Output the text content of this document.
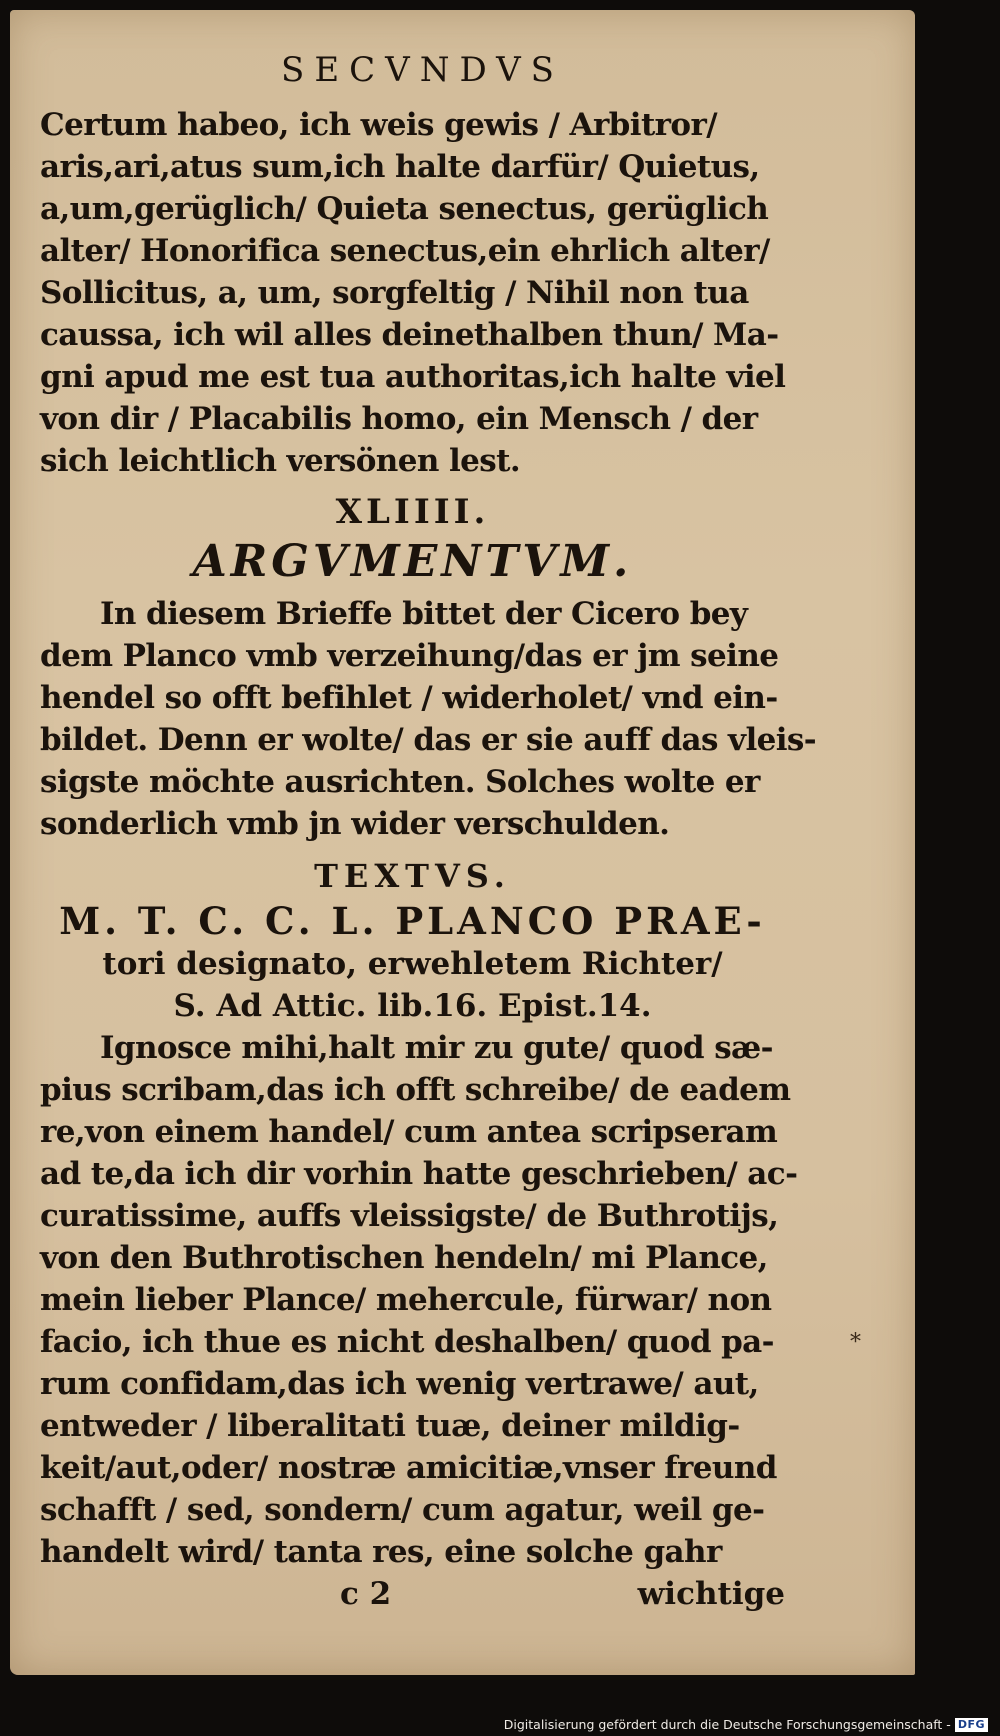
SECVNDVS

Certum habeo, ich weis gewis / Arbitror/

aris,ari,atus sum,ich halte darfür/ Quietus,

a,um,gerüglich/ Quieta senectus, gerüglich

alter/ Honorifica senectus,ein ehrlich alter/

Sollicitus, a, um, sorgfeltig / Nihil non tua

caussa, ich wil alles deinethalben thun/ Ma-

gni apud me est tua authoritas,ich halte viel

von dir / Placabilis homo, ein Mensch / der

sich leichtlich versönen lest.

XLIIII.
ARGVMENTVM.

In diesem Brieffe bittet der Cicero bey

dem Planco vmb verzeihung/das er jm seine

hendel so offt befihlet / widerholet/ vnd ein-

bildet. Denn er wolte/ das er sie auff das vleis-

sigste möchte ausrichten. Solches wolte er

sonderlich vmb jn wider verschulden.

TEXTVS.
M. T. C. C. L. PLANCO PRAE-

tori designato, erwehletem Richter/

S. Ad Attic. lib.16. Epist.14.

Ignosce mihi,halt mir zu gute/ quod sæ-

pius scribam,das ich offt schreibe/ de eadem

re,von einem handel/ cum antea scripseram

ad te,da ich dir vorhin hatte geschrieben/ ac-

curatissime, auffs vleissigste/ de Buthrotijs,

von den Buthrotischen hendeln/ mi Plance,

mein lieber Plance/ mehercule, fürwar/ non

facio, ich thue es nicht deshalben/ quod pa-

rum confidam,das ich wenig vertrawe/ aut,

entweder / liberalitati tuæ, deiner mildig-

keit/aut,oder/ nostræ amicitiæ,vnser freund

schafft / sed, sondern/ cum agatur, weil ge-

handelt wird/ tanta res, eine solche gahr

c 2	wichtige
*
Digitalisierung gefördert durch die Deutsche Forschungsgemeinschaft - DFG
